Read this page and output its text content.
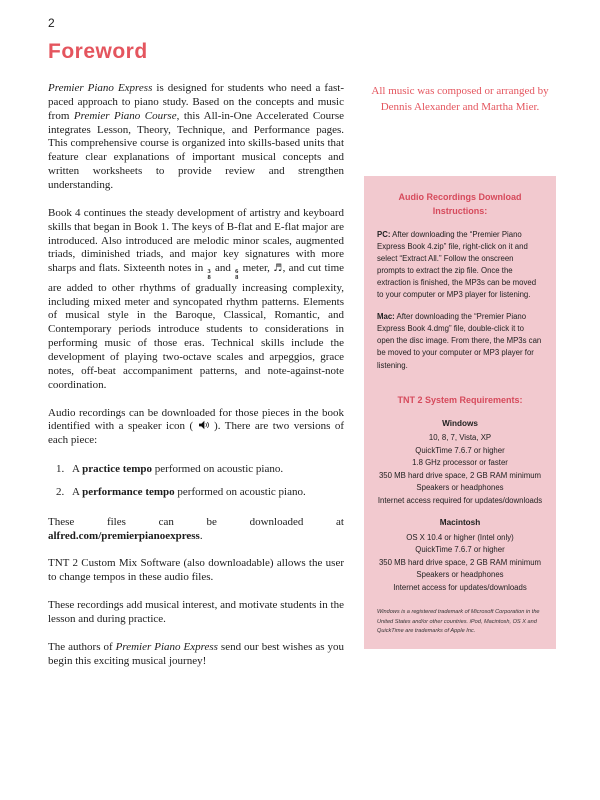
2
Foreword

Premier Piano Express is designed for students who need a fast-paced approach to piano study. Based on the concepts and music from Premier Piano Course, this All-in-One Accelerated Course integrates Lesson, Theory, Technique, and Performance pages. This comprehensive course is organized into skills-based units that feature clear explanations of important musical concepts and written worksheets to provide review and strengthen understanding.

Book 4 continues the steady development of artistry and keyboard skills that began in Book 1. The keys of B-flat and E-flat major are introduced. Also introduced are melodic minor scales, augmented triads, diminished triads, and major key signatures with more sharps and flats. Sixteenth notes in 3
8
and 6
8
meter, ♬, and cut time are added to other rhythms of gradually increasing complexity, including mixed meter and syncopated rhythm patterns. Elements of musical style in the Baroque, Classical, Romantic, and Contemporary periods introduce students to considerations in performing music of those eras. Technical skills include the development of playing two-octave scales and arpeggios, grace notes, off-beat accompaniment patterns, and note-against-note coordination.

Audio recordings can be downloaded for those pieces in the book identified with a speaker icon (  ). There are two versions of each piece:

1. A practice tempo performed on acoustic piano.
2. A performance tempo performed on acoustic piano.

These files can be downloaded at alfred.com/premierpianoexpress.

TNT 2 Custom Mix Software (also downloadable) allows the user to change tempos in these audio files.

These recordings add musical interest, and motivate students in the lesson and during practice.

The authors of Premier Piano Express send our best wishes as you begin this exciting musical journey!

All music was composed or arranged by Dennis Alexander and Martha Mier.
Audio Recordings Download Instructions:

PC: After downloading the “Premier Piano Express Book 4.zip” file, right-click on it and select “Extract All.” Follow the onscreen prompts to extract the zip file. Once the extraction is finished, the MP3s can be moved to your computer or MP3 player for listening.

Mac: After downloading the “Premier Piano Express Book 4.dmg” file, double-click it to open the disc image. From there, the MP3s can be moved to your computer or MP3 player for listening.

TNT 2 System Requirements:
Windows
10, 8, 7, Vista, XP
QuickTime 7.6.7 or higher
1.8 GHz processor or faster
350 MB hard drive space, 2 GB RAM minimum
Speakers or headphones
Internet access required for updates/downloads
Macintosh
OS X 10.4 or higher (Intel only)
QuickTime 7.6.7 or higher
350 MB hard drive space, 2 GB RAM minimum
Speakers or headphones
Internet access for updates/downloads
Windows is a registered trademark of Microsoft Corporation in the United States and/or other countries. iPod, Macintosh, OS X and QuickTime are trademarks of Apple Inc.
